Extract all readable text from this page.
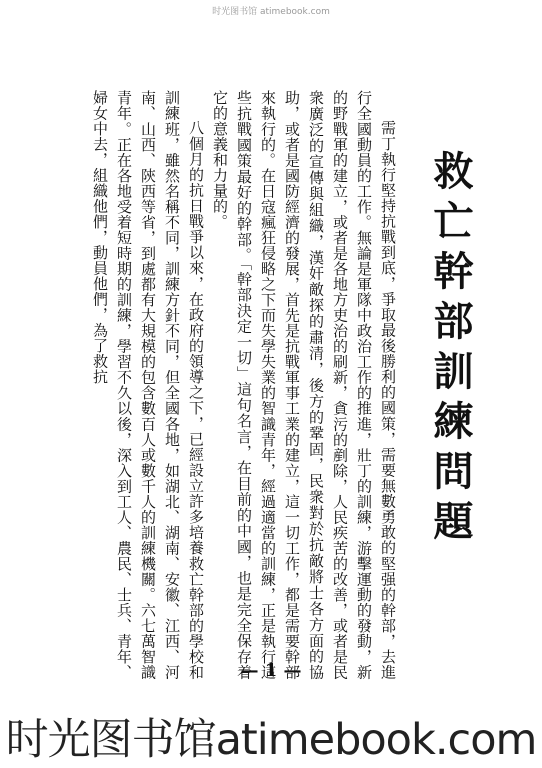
时光图书馆 atimebook.com
救亡幹部訓練問題

需丁執行堅持抗戰到底，爭取最後勝利的國策，需要無數勇敢的堅强的幹部，去進行全國動員的工作。無論是軍隊中政治工作的推進，壯丁的訓練，游擊運動的發動，新的野戰軍的建立，或者是各地方吏治的刷新，貪污的剷除，人民疾苦的改善，或者是民衆廣泛的宣傳與組織，漢奸敵探的肅清，後方的鞏固，民衆對於抗敵將士各方面的協助，或者是國防經濟的發展，首先是抗戰軍事工業的建立，這一切工作，都是需要幹部來執行的。在日寇瘋狂侵略之下而失學失業的智識青年，經過適當的訓練，正是執行這些抗戰國策最好的幹部。「幹部決定一切」這句名言，在目前的中國，也是完全保存着它的意義和力量的。

八個月的抗日戰爭以來，在政府的領導之下，已經設立許多培養救亡幹部的學校和訓練班，雖然名稱不同，訓練方針不同，但全國各地，如湖北、湖南、安徽、江西、河南、山西、陝西等省，到處都有大規模的包含數百人或數千人的訓練機關。六七萬智識青年。正在各地受着短時期的訓練，學習不久以後，深入到工人、農民、士兵、青年、婦女中去，組織他們，動員他們，為了救抗

— 1 —
时光图书馆atimebook.com
